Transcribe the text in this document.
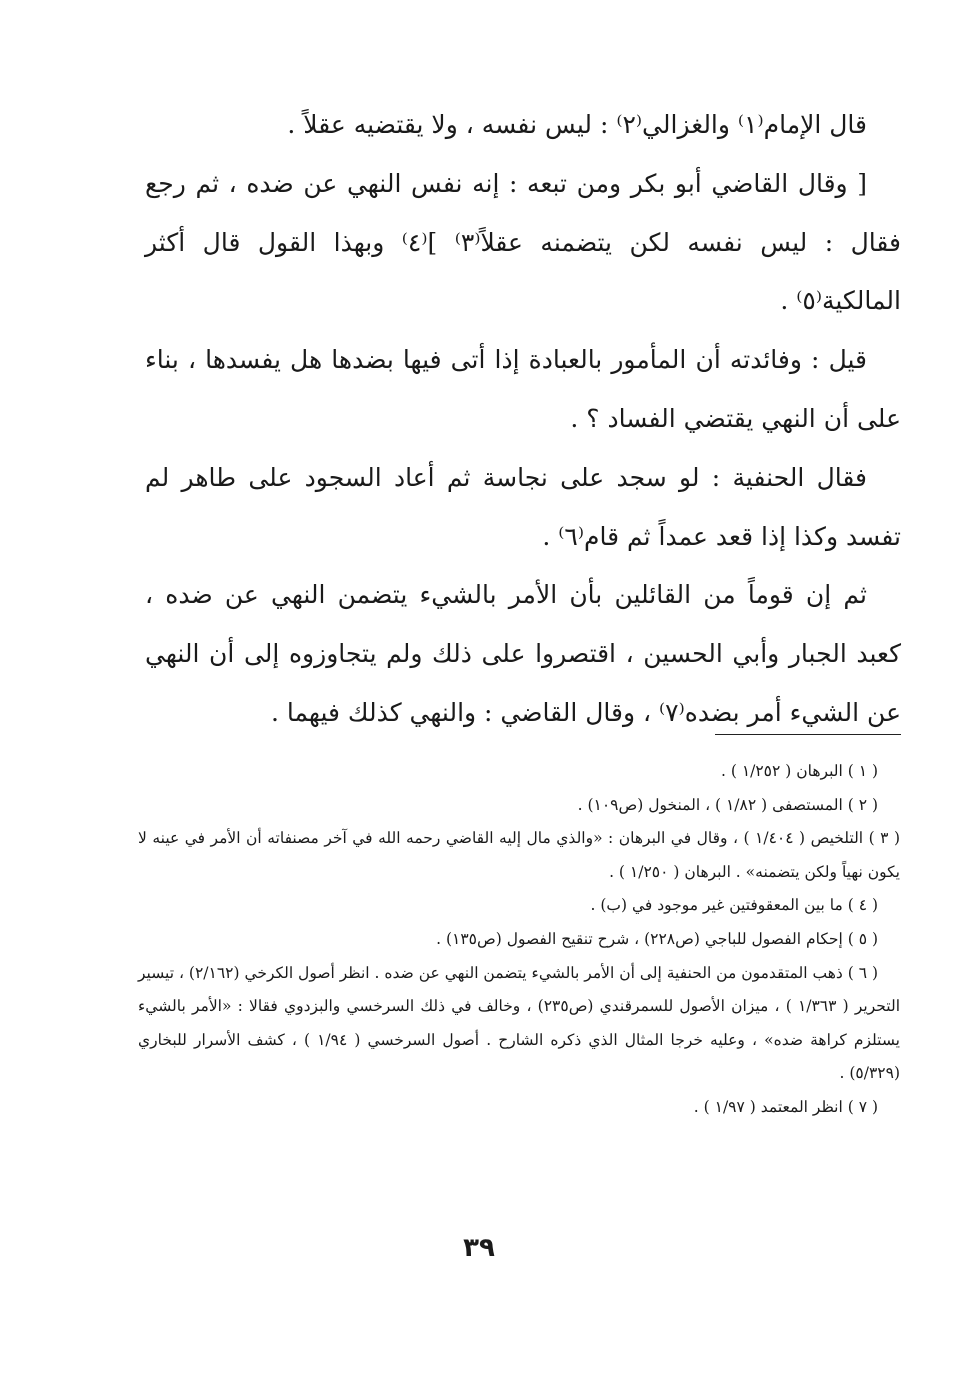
قال الإمام⁽١⁾ والغزالي⁽٢⁾ : ليس نفسه ، ولا يقتضيه عقلاً .

[ وقال القاضي أبو بكر ومن تبعه : إنه نفس النهي عن ضده ، ثم رجع فقال : ليس نفسه لكن يتضمنه عقلاً⁽٣⁾ ]⁽٤⁾ وبهذا القول قال أكثر المالكية⁽٥⁾ .

قيل : وفائدته أن المأمور بالعبادة إذا أتى فيها بضدها هل يفسدها ، بناء على أن النهي يقتضي الفساد ؟ .

فقال الحنفية : لو سجد على نجاسة ثم أعاد السجود على طاهر لم تفسد وكذا إذا قعد عمداً ثم قام⁽٦⁾ .

ثم إن قوماً من القائلين بأن الأمر بالشيء يتضمن النهي عن ضده ، كعبد الجبار وأبي الحسين ، اقتصروا على ذلك ولم يتجاوزوه إلى أن النهي عن الشيء أمر بضده⁽٧⁾ ، وقال القاضي : والنهي كذلك فيهما .

( ١ ) البرهان ( ١/٢٥٢ ) .

( ٢ ) المستصفى ( ١/٨٢ ) ، المنخول (ص١٠٩) .

( ٣ ) التلخيص ( ١/٤٠٤ ) ، وقال في البرهان : «والذي مال إليه القاضي رحمه الله في آخر مصنفاته أن الأمر في عينه لا يكون نهياً ولكن يتضمنه» . البرهان ( ١/٢٥٠ ) .

( ٤ ) ما بين المعقوفتين غير موجود في (ب) .

( ٥ ) إحكام الفصول للباجي (ص٢٢٨) ، شرح تنقيح الفصول (ص١٣٥) .

( ٦ ) ذهب المتقدمون من الحنفية إلى أن الأمر بالشيء يتضمن النهي عن ضده . انظر أصول الكرخي (٢/١٦٢) ، تيسير التحرير ( ١/٣٦٣ ) ، ميزان الأصول للسمرقندي (ص٢٣٥) ، وخالف في ذلك السرخسي والبزدوي فقالا : «الأمر بالشيء يستلزم كراهة ضده» ، وعليه خرجا المثال الذي ذكره الشارح . أصول السرخسي ( ١/٩٤ ) ، كشف الأسرار للبخاري (٥/٣٢٩) .

( ٧ ) انظر المعتمد ( ١/٩٧ ) .

٣٩
